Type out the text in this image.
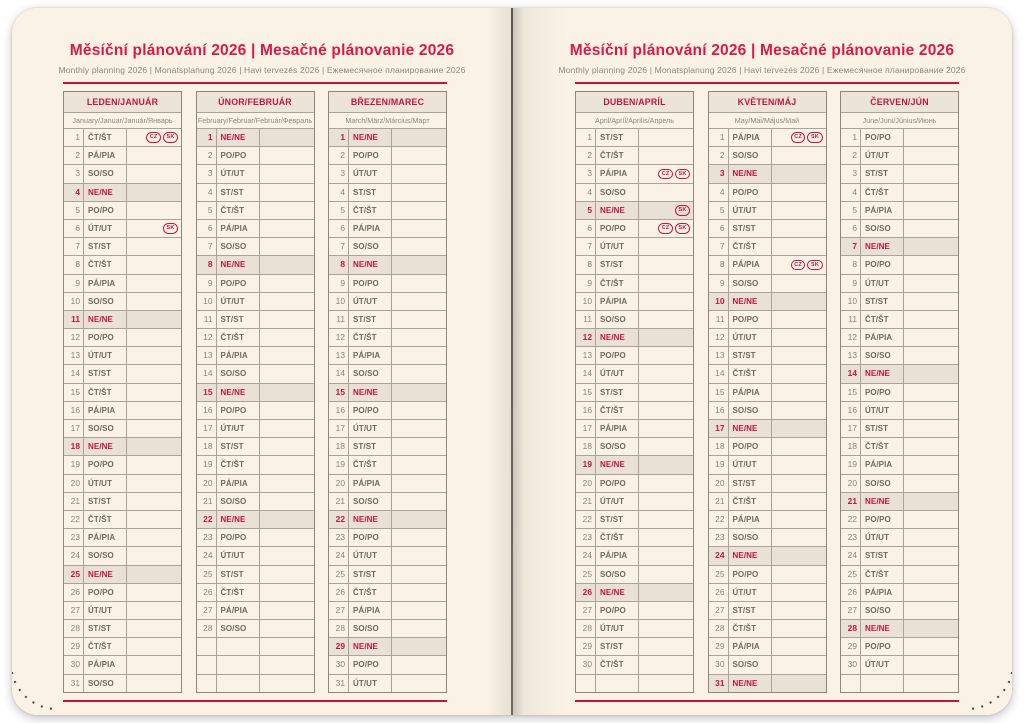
Měsíční plánování 2026 | Mesačné plánovanie 2026
Monthly planning 2026 | Monatsplanung 2026 | Havi tervezés 2026 | Ежемесячное планирование 2026
LEDEN/JANUÁR
January/Januar/Január/Январь
1	ČT/ŠT	CZ	SK
2	PÁ/PIA
3	SO/SO
4	NE/NE
5	PO/PO
6	ÚT/UT	SK
7	ST/ST
8	ČT/ŠT
9	PÁ/PIA
10	SO/SO
11	NE/NE
12	PO/PO
13	ÚT/UT
14	ST/ST
15	ČT/ŠT
16	PÁ/PIA
17	SO/SO
18	NE/NE
19	PO/PO
20	ÚT/UT
21	ST/ST
22	ČT/ŠT
23	PÁ/PIA
24	SO/SO
25	NE/NE
26	PO/PO
27	ÚT/UT
28	ST/ST
29	ČT/ŠT
30	PÁ/PIA
31	SO/SO
ÚNOR/FEBRUÁR
February/Februar/Február/Февраль
1	NE/NE
2	PO/PO
3	ÚT/UT
4	ST/ST
5	ČT/ŠT
6	PÁ/PIA
7	SO/SO
8	NE/NE
9	PO/PO
10	ÚT/UT
11	ST/ST
12	ČT/ŠT
13	PÁ/PIA
14	SO/SO
15	NE/NE
16	PO/PO
17	ÚT/UT
18	ST/ST
19	ČT/ŠT
20	PÁ/PIA
21	SO/SO
22	NE/NE
23	PO/PO
24	ÚT/UT
25	ST/ST
26	ČT/ŠT
27	PÁ/PIA
28	SO/SO
BŘEZEN/MAREC
March/März/Március/Март
1	NE/NE
2	PO/PO
3	ÚT/UT
4	ST/ST
5	ČT/ŠT
6	PÁ/PIA
7	SO/SO
8	NE/NE
9	PO/PO
10	ÚT/UT
11	ST/ST
12	ČT/ŠT
13	PÁ/PIA
14	SO/SO
15	NE/NE
16	PO/PO
17	ÚT/UT
18	ST/ST
19	ČT/ŠT
20	PÁ/PIA
21	SO/SO
22	NE/NE
23	PO/PO
24	ÚT/UT
25	ST/ST
26	ČT/ŠT
27	PÁ/PIA
28	SO/SO
29	NE/NE
30	PO/PO
31	ÚT/UT
Měsíční plánování 2026 | Mesačné plánovanie 2026
Monthly planning 2026 | Monatsplanung 2026 | Havi tervezés 2026 | Ежемесячное планирование 2026
DUBEN/APRÍL
April/Apríl/Április/Апрель
1	ST/ST
2	ČT/ŠT
3	PÁ/PIA	CZ	SK
4	SO/SO
5	NE/NE	SK
6	PO/PO	CZ	SK
7	ÚT/UT
8	ST/ST
9	ČT/ŠT
10	PÁ/PIA
11	SO/SO
12	NE/NE
13	PO/PO
14	ÚT/UT
15	ST/ST
16	ČT/ŠT
17	PÁ/PIA
18	SO/SO
19	NE/NE
20	PO/PO
21	ÚT/UT
22	ST/ST
23	ČT/ŠT
24	PÁ/PIA
25	SO/SO
26	NE/NE
27	PO/PO
28	ÚT/UT
29	ST/ST
30	ČT/ŠT
KVĚTEN/MÁJ
May/Mai/Május/Май
1	PÁ/PIA	CZ	SK
2	SO/SO
3	NE/NE
4	PO/PO
5	ÚT/UT
6	ST/ST
7	ČT/ŠT
8	PÁ/PIA	CZ	SK
9	SO/SO
10	NE/NE
11	PO/PO
12	ÚT/UT
13	ST/ST
14	ČT/ŠT
15	PÁ/PIA
16	SO/SO
17	NE/NE
18	PO/PO
19	ÚT/UT
20	ST/ST
21	ČT/ŠT
22	PÁ/PIA
23	SO/SO
24	NE/NE
25	PO/PO
26	ÚT/UT
27	ST/ST
28	ČT/ŠT
29	PÁ/PIA
30	SO/SO
31	NE/NE
ČERVEN/JÚN
June/Juni/Június/Июнь
1	PO/PO
2	ÚT/UT
3	ST/ST
4	ČT/ŠT
5	PÁ/PIA
6	SO/SO
7	NE/NE
8	PO/PO
9	ÚT/UT
10	ST/ST
11	ČT/ŠT
12	PÁ/PIA
13	SO/SO
14	NE/NE
15	PO/PO
16	ÚT/UT
17	ST/ST
18	ČT/ŠT
19	PÁ/PIA
20	SO/SO
21	NE/NE
22	PO/PO
23	ÚT/UT
24	ST/ST
25	ČT/ŠT
26	PÁ/PIA
27	SO/SO
28	NE/NE
29	PO/PO
30	ÚT/UT
